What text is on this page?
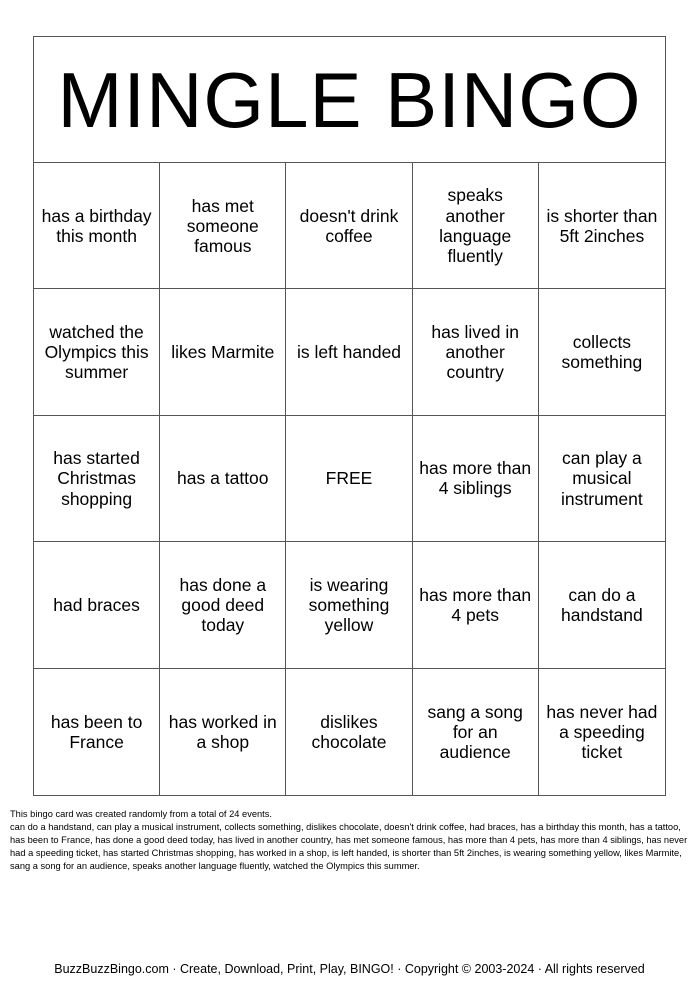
MINGLE BINGO
has a birthday this month
has met someone famous
doesn't drink coffee
speaks another language fluently
is shorter than 5ft 2inches
watched the Olympics this summer
likes Marmite	is left handed
has lived in another country
collects something
has started Christmas shopping
has a tattoo	FREE
has more than 4 siblings
can play a musical instrument
had braces
has done a good deed today
is wearing something yellow
has more than 4 pets
can do a handstand
has been to France
has worked in a shop
dislikes chocolate
sang a song for an audience
has never had a speeding ticket

This bingo card was created randomly from a total of 24 events.

can do a handstand, can play a musical instrument, collects something, dislikes chocolate, doesn't drink coffee, had braces, has a birthday this month, has a tattoo, has been to France, has done a good deed today, has lived in another country, has met someone famous, has more than 4 pets, has more than 4 siblings, has never had a speeding ticket, has started Christmas shopping, has worked in a shop, is left handed, is shorter than 5ft 2inches, is wearing something yellow, likes Marmite, sang a song for an audience, speaks another language fluently, watched the Olympics this summer.

BuzzBuzzBingo.com · Create, Download, Print, Play, BINGO! · Copyright © 2003-2024 · All rights reserved
